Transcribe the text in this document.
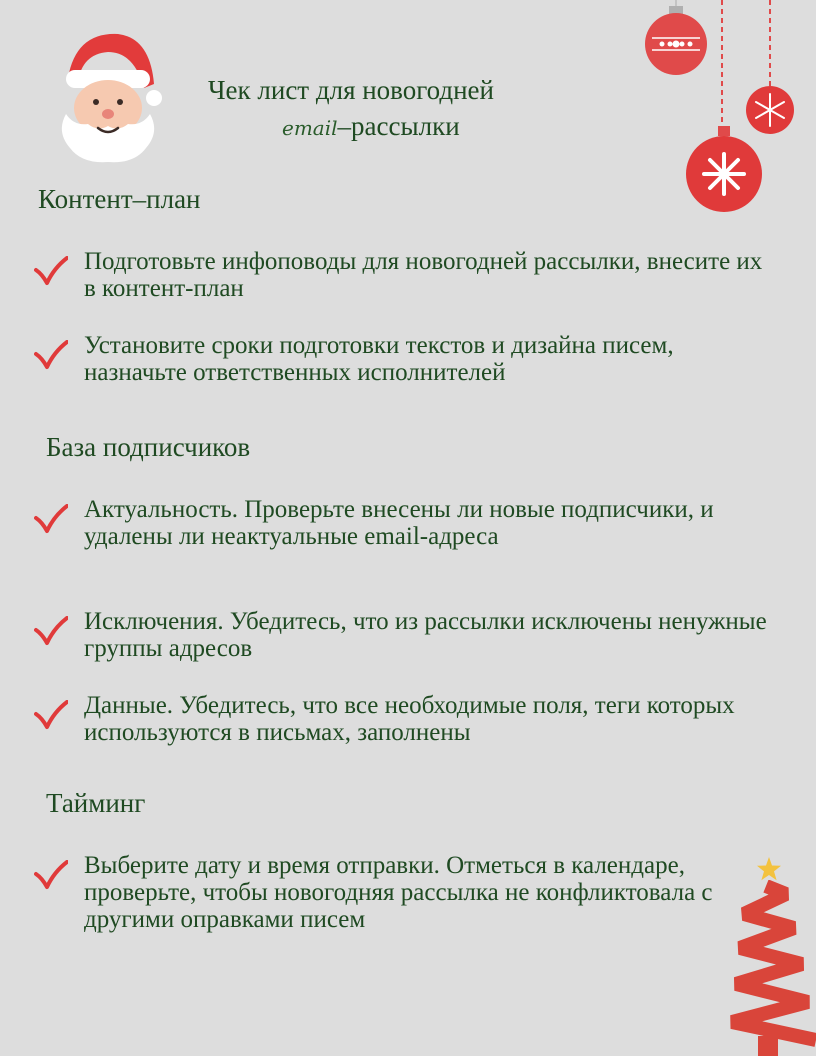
Чек лист для новогодней
email–рассылки
Контент–план
Подготовьте инфоповоды для новогодней рассылки, внесите их в контент-план
Установите сроки подготовки текстов и дизайна писем, назначьте ответственных исполнителей
База подписчиков
Актуальность. Проверьте внесены ли новые подписчики, и удалены ли неактуальные email-адреса
Исключения. Убедитесь, что из рассылки исключены ненужные группы адресов
Данные. Убедитесь, что все необходимые поля, теги которых используются в письмах, заполнены
Тайминг
Выберите дату и время отправки. Отметься в календаре, проверьте, чтобы новогодняя рассылка не конфликтовала с другими оправками писем
